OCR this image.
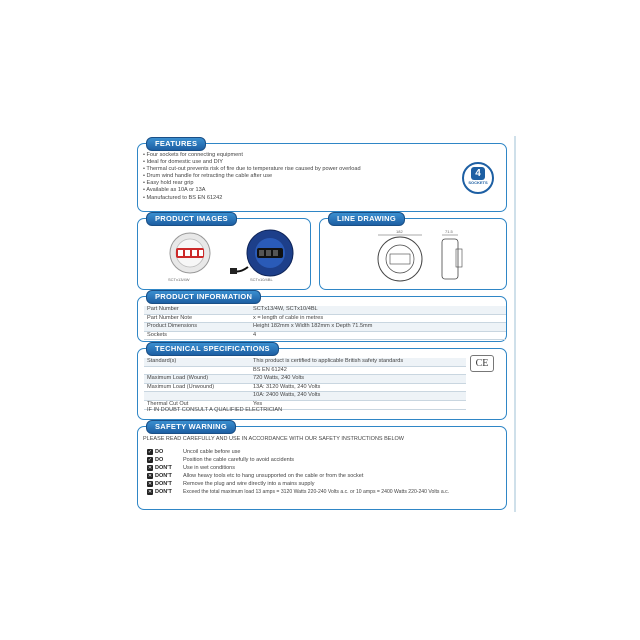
FEATURES
• Four sockets for connecting equipment
• Ideal for domestic use and DIY
• Thermal cut-out prevents risk of fire due to temperature rise caused by power overload
• Drum wind handle for retracting the cable after use
• Easy hold rear grip
• Available as 10A or 13A
• Manufactured to BS EN 61242
4
SOCKETS
PRODUCT IMAGES
SCTx13/4W	SCTx10/4BL
LINE DRAWING
182	71.5
PRODUCT INFORMATION
Part Number	SCTx13/4W, SCTx10/4BL
Part Number Note	x = length of cable in metres
Product Dimensions	Height 182mm x Width 182mm x Depth 71.5mm
Sockets	4
TECHNICAL SPECIFICATIONS
Standard(s)	This product is certified to applicable British safety standards
	BS EN 61242
Maximum Load (Wound)	720 Watts, 240 Volts
Maximum Load (Unwound)	13A: 3120 Watts, 240 Volts
	10A: 2400 Watts, 240 Volts
Thermal Cut Out	Yes
CE
IF IN DOUBT CONSULT A QUALIFIED ELECTRICIAN
SAFETY WARNING
PLEASE READ CAREFULLY AND USE IN ACCORDANCE WITH OUR SAFETY INSTRUCTIONS BELOW
✓ DO	Uncoil cable before use
✓ DO	Position the cable carefully to avoid accidents
✕ DON'T Use in wet conditions
✕ DON'T Allow heavy tools etc to hang unsupported on the cable or from the socket
✕ DON'T Remove the plug and wire directly into a mains supply
✕ DON'T Exceed the total maximum load 13 amps = 3120 Watts 220-240 Volts a.c. or 10 amps = 2400 Watts 220-240 Volts a.c.
